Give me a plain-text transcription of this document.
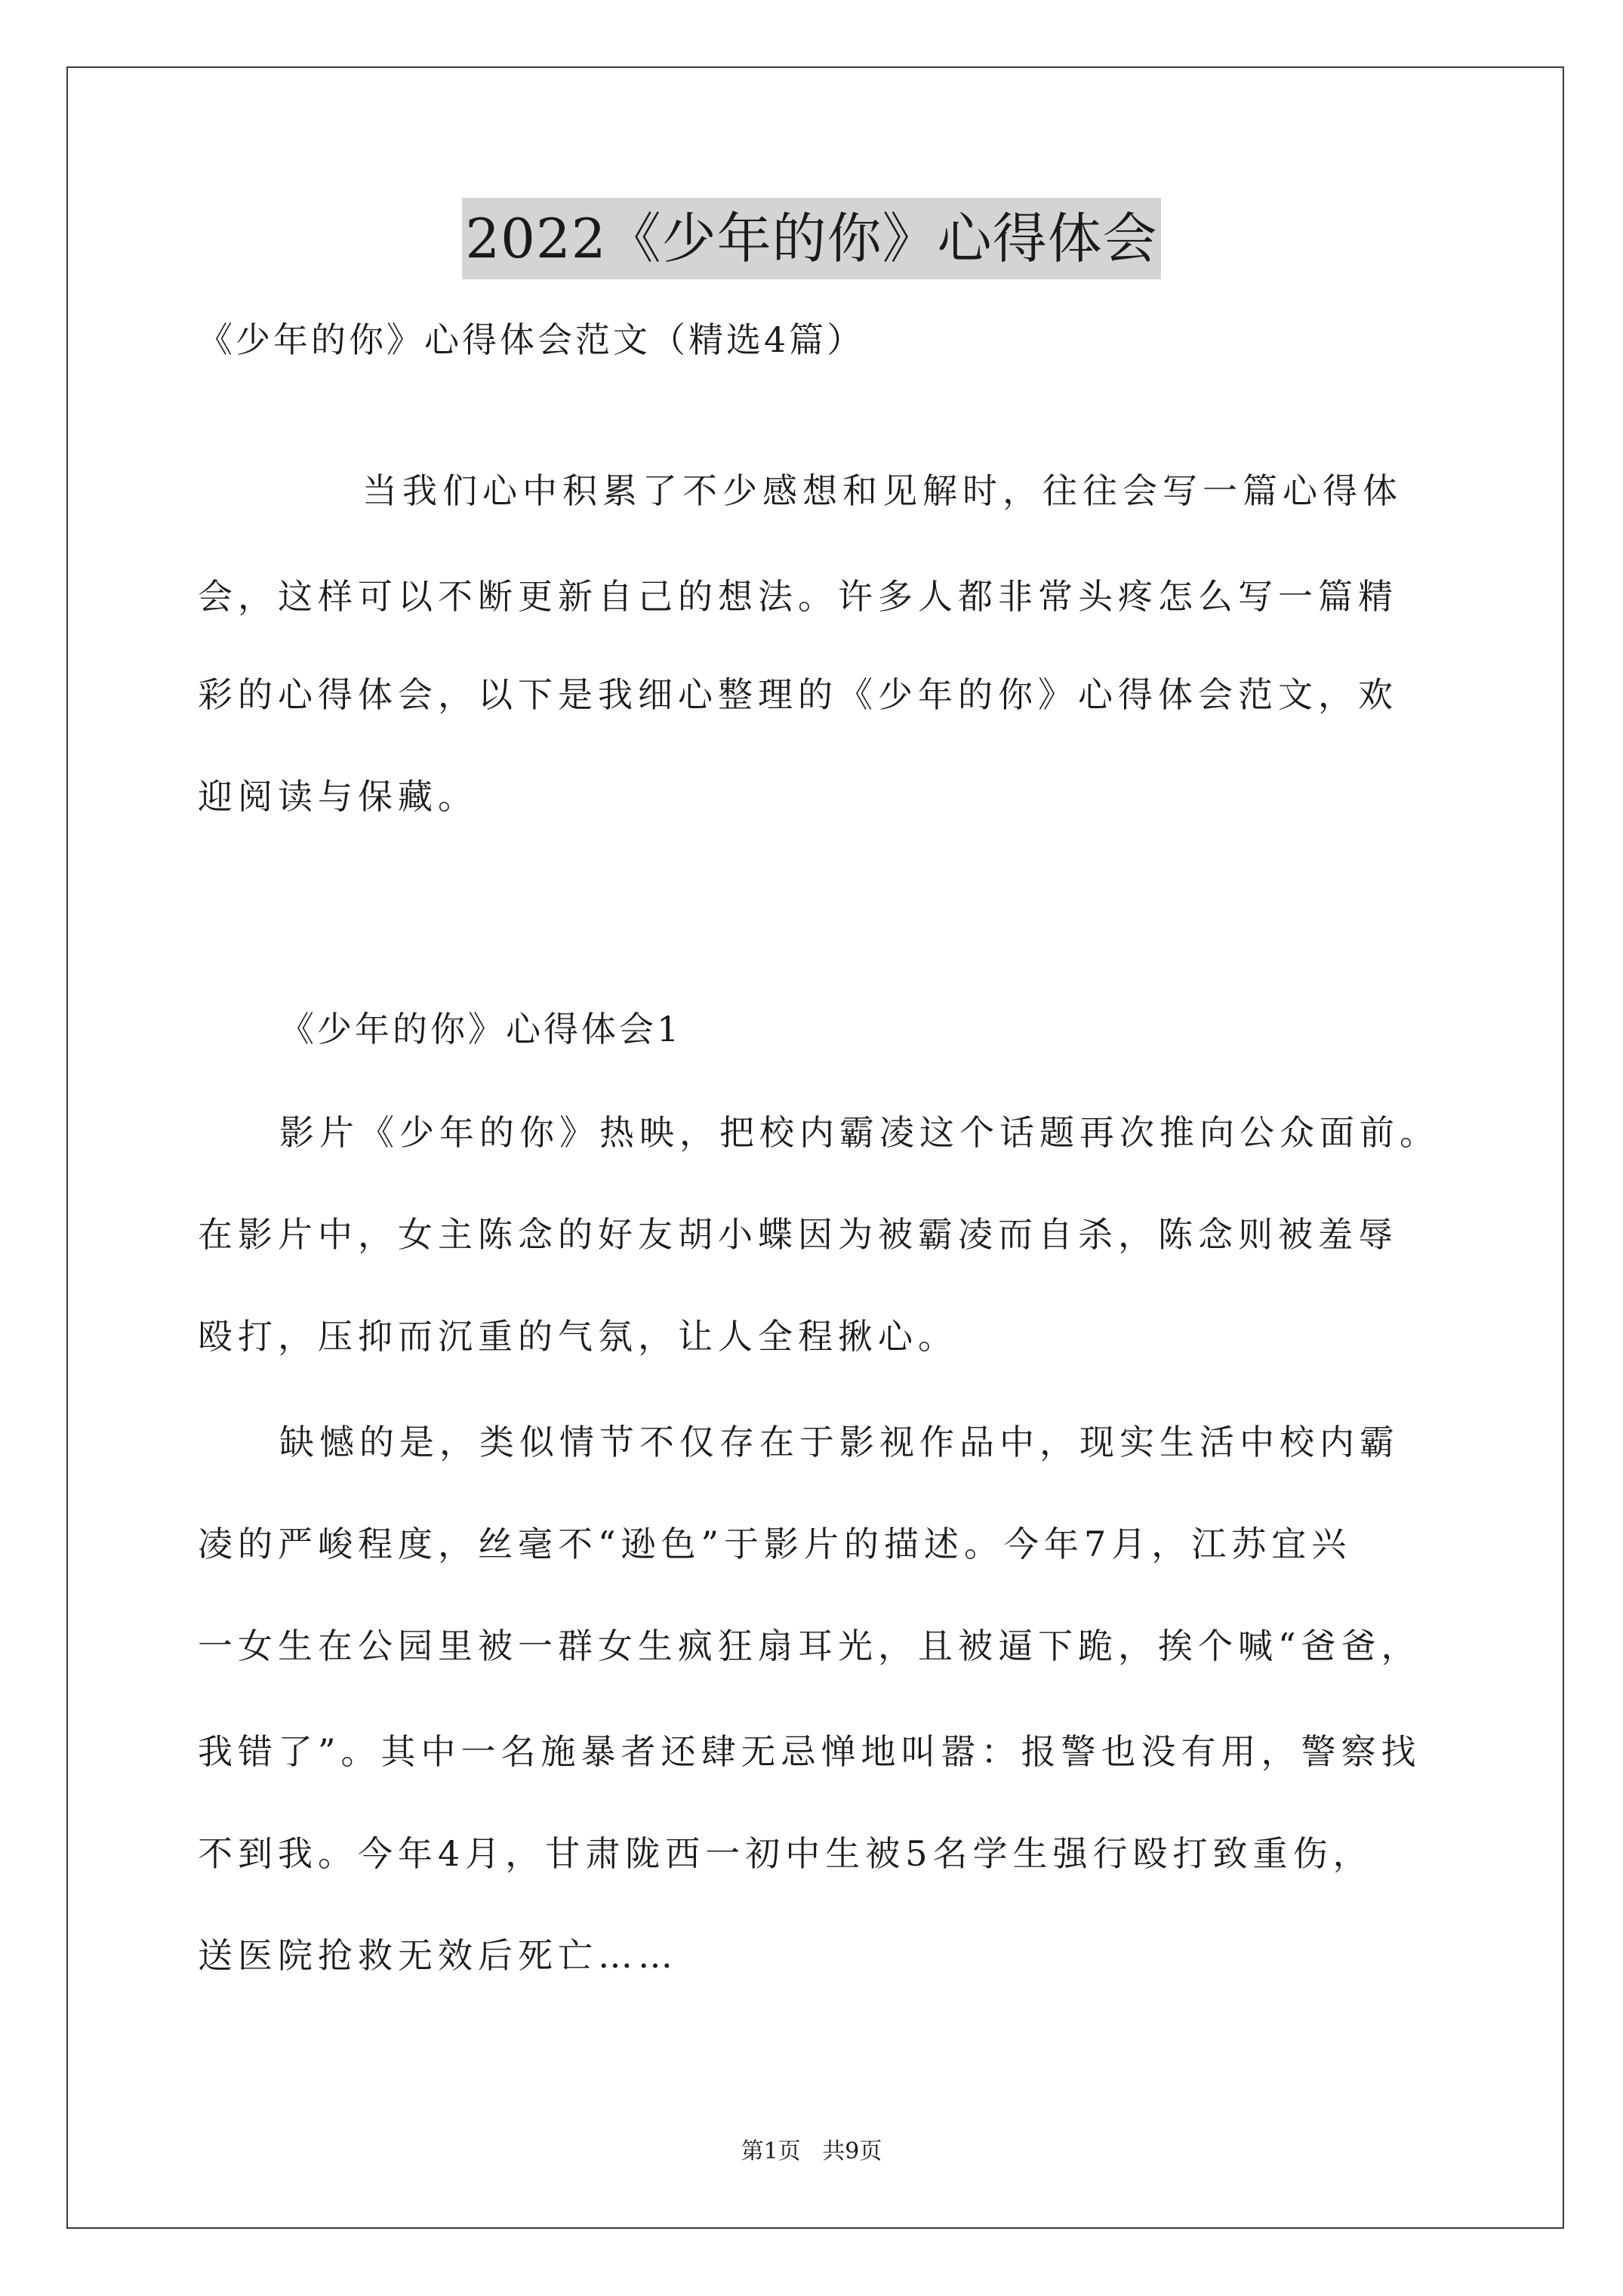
2022《少年的你》心得体会
《少年的你》心得体会范文（精选4篇）
当我们心中积累了不少感想和见解时，往往会写一篇心得体
会，这样可以不断更新自己的想法。许多人都非常头疼怎么写一篇精
彩的心得体会，以下是我细心整理的《少年的你》心得体会范文，欢
迎阅读与保藏。
《少年的你》心得体会1
影片《少年的你》热映，把校内霸凌这个话题再次推向公众面前。
在影片中，女主陈念的好友胡小蝶因为被霸凌而自杀，陈念则被羞辱
殴打，压抑而沉重的气氛，让人全程揪心。
缺憾的是，类似情节不仅存在于影视作品中，现实生活中校内霸
凌的严峻程度，丝毫不“逊色”于影片的描述。今年7月，江苏宜兴
一女生在公园里被一群女生疯狂扇耳光，且被逼下跪，挨个喊“爸爸，
我错了”。其中一名施暴者还肆无忌惮地叫嚣：报警也没有用，警察找
不到我。今年4月，甘肃陇西一初中生被5名学生强行殴打致重伤，
送医院抢救无效后死亡……
第1页 共9页
